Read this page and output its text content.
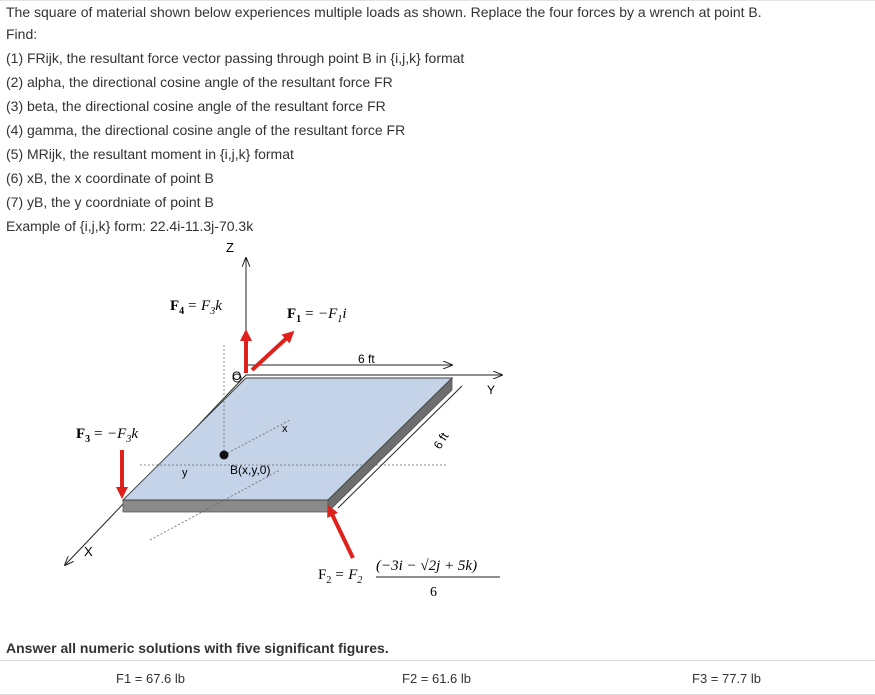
The square of material shown below experiences multiple loads as shown. Replace the four forces by a wrench at point B.
Find:
(1) FRijk, the resultant force vector passing through point B in {i,j,k} format
(2) alpha, the directional cosine angle of the resultant force FR
(3) beta, the directional cosine angle of the resultant force FR
(4) gamma, the directional cosine angle of the resultant force FR
(5) MRijk, the resultant moment in {i,j,k} format
(6) xB, the x coordinate of point B
(7) yB, the y coordniate of point B
Example of {i,j,k} form: 22.4i-11.3j-70.3k
Z
X
Y
6 ft
6 ft
O
x
y	B(x,y,0)
$F_4 = F_3k$	$F_1 = -F_1i$
$F_3 = -F_3k$
$F_2 = F_2$
(−3i − √2j + 5k)
6
Answer all numeric solutions with five significant figures.
F1 = 67.6 lb	F2 = 61.6 lb	F3 = 77.7 lb
